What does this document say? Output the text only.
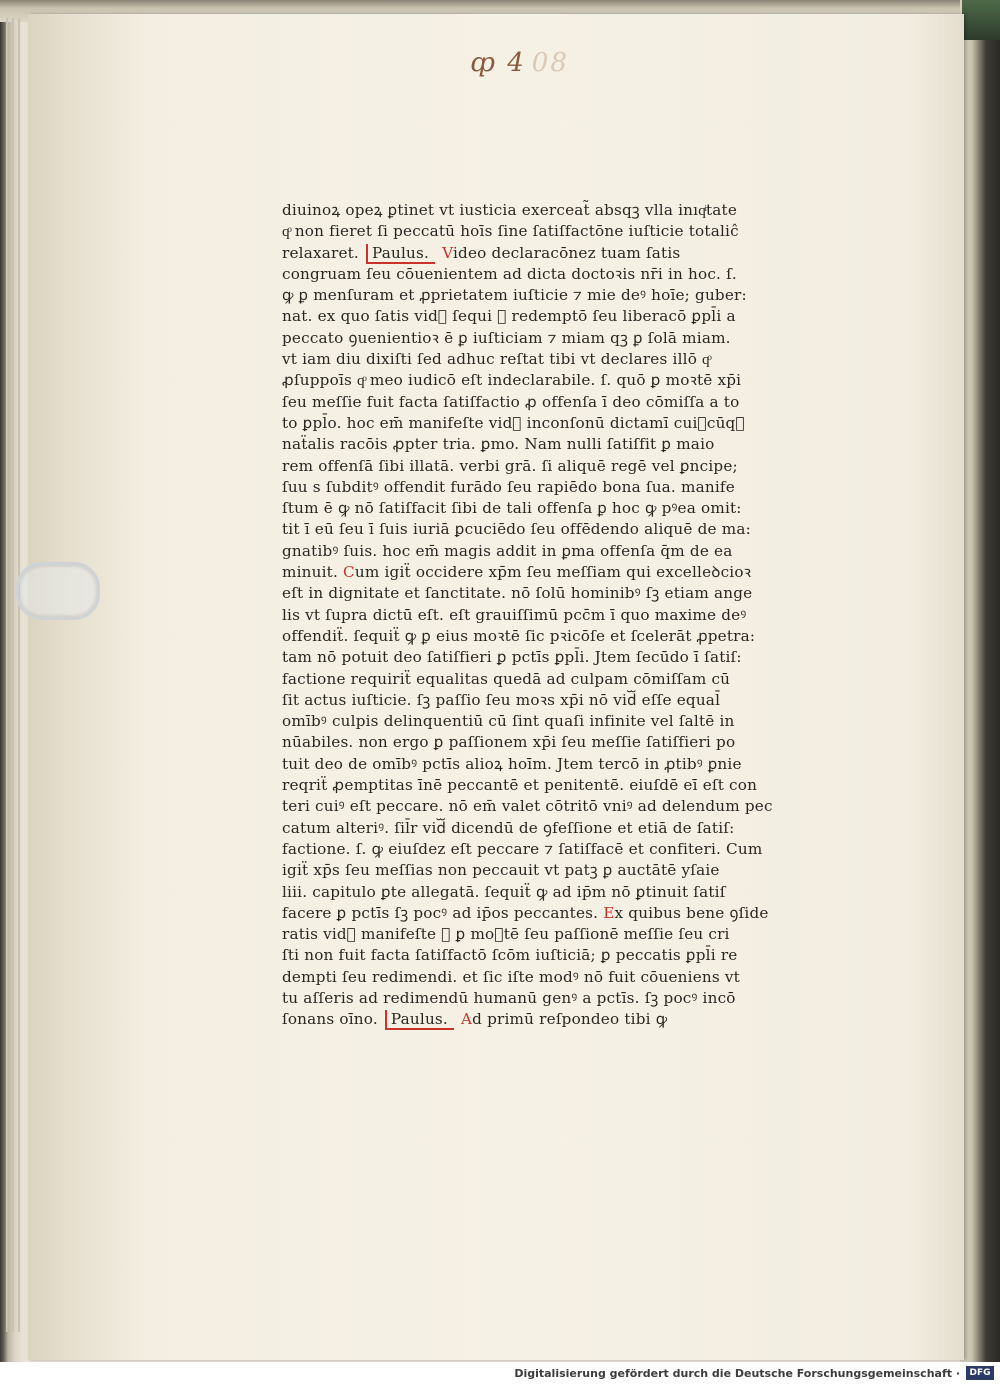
ȹ 4 08
diuinoꝝ opeꝝ ꝑtinet vt iusticia exerceat̃ absqꝫ vlla inıqͥtate
qͦ non fieret ſi peccatū hoīs ſine ſatiſfactōne iuſticie totaliĉ
relaxaret. Paulus. Video declaracōnez tuam ſatis
congruam ſeu cōuenientem ad dicta doctoꝛis nr̄i in hoc. ſ.
ꝙ ꝑ menſuram et ꝓprietatem iuſticie ⁊ mie deꝰ hoīe; guber:
nat. ex quo ſatis vidᷓ ſequi ꝙ redemptō ſeu liberacō ꝑpl̄i a
peccato ꝯuenientioꝛ ē ꝑ iuſticiam ⁊ miam qꝫ ꝑ ſolā miam.
vt iam diu dixiſti ſed adhuc reſtat tibi vt declares illō qͦ
ꝓſuppoīs qͦ meo iudicō eſt indeclarabile. ſ. quō ꝑ moꝛtē xp̄i
ſeu meſſie fuit facta ſatiſfactio ꝓ offenſa ī deo cōmiſſa a to
to ꝑpl̄o. hoc em̄ manifeſte vidᷓ inconſonū dictamī cuiꝰcūqꝫ
naẗalis racōis ꝓpter tria. ꝑmo. Nam nulli ſatiſfit ꝑ maio
rem offenſā ſibi illatā. verbi grā. ſi aliquē regē vel ꝑncipe;
ſuu s ſubditꝰ offendit furādo ſeu rapiēdo bona ſua. manife
ſtum ē ꝙ nō ſatiſfacit ſibi de tali offenſa ꝑ hoc ꝙ pꝰea omit:
tit ī eū ſeu ī ſuis iuriā ꝑcuciēdo ſeu offēdendo aliquē de ma:
gnatibꝰ ſuis. hoc em̄ magis addit in ꝑma offenſa q̄m de ea
minuit. Cum igiẗ occidere xp̄m ſeu meſſiam qui excelleꝺcioꝛ
eſt in dignitate et ſanctitate. nō ſolū hominibꝰ ſꝫ etiam ange
lis vt ſupra dictū eſt. eſt grauiſſimū pcc̄m ī quo maxime deꝰ
offendiẗ. ſequiẗ ꝙ ꝑ eius moꝛtē ſic pꝛicōſe et ſcelerāt ꝓpetra:
tam nō potuit deo ſatiſfieri ꝑ pctīs ꝑpl̄i. Jtem ſecūdo ī ſatiſ:
factione requiriẗ equalitas quedā ad culpam cōmiſſam cū
ſit actus iuſticie. ſꝫ paſſio ſeu moꝛs xp̄i nō vidᷓ eſſe equal̄
omībꝰ culpis delinquentiū cū ſint quaſi infinite vel ſaltē in
nūabiles. non ergo ꝑ paſſionem xp̄i ſeu meſſie ſatiſfieri po
tuit deo de omībꝰ pctīs alioꝝ hoīm. Jtem tercō in ꝓtibꝰ ꝑnie
reqriẗ ꝓemptitas īnē peccantē et penitentē. eiuſdē eī eſt con
teri cuiꝰ eſt peccare. nō em̄ valet cōtritō vniꝰ ad delendum pec
catum alteriꝰ. ſil̄r vidᷓ dicendū de ꝯfeſſione et etiā de ſatiſ:
factione. ſ. ꝙ eiuſdez eſt peccare ⁊ ſatiſfacē et confiteri. Cum
igiẗ xp̄s ſeu meſſias non peccauit vt patꝫ ꝑ auctātē yſaie
liii. capitulo ꝑte allegatā. ſequiẗ ꝙ ad ip̄m nō ꝑtinuit ſatiſ
facere ꝑ pctīs ſꝫ pocꝰ ad ip̄os peccantes. Ex quibus bene ꝯſide
ratis vidᷓ manifeſte ꝙ ꝑ moꝛtē ſeu paſſionē meſſie ſeu cri
ſti non fuit facta ſatiſfactō ſcōm iuſticiā; ꝑ peccatis ꝑpl̄i re
dempti ſeu redimendi. et ſic iſte modꝰ nō fuit cōueniens vt
tu aſſeris ad redimendū humanū genꝰ a pctīs. ſꝫ pocꝰ incō
ſonans oīno. Paulus. Ad primū reſpondeo tibi ꝙ
Digitalisierung gefördert durch die Deutsche Forschungsgemeinschaft ·	DFG
